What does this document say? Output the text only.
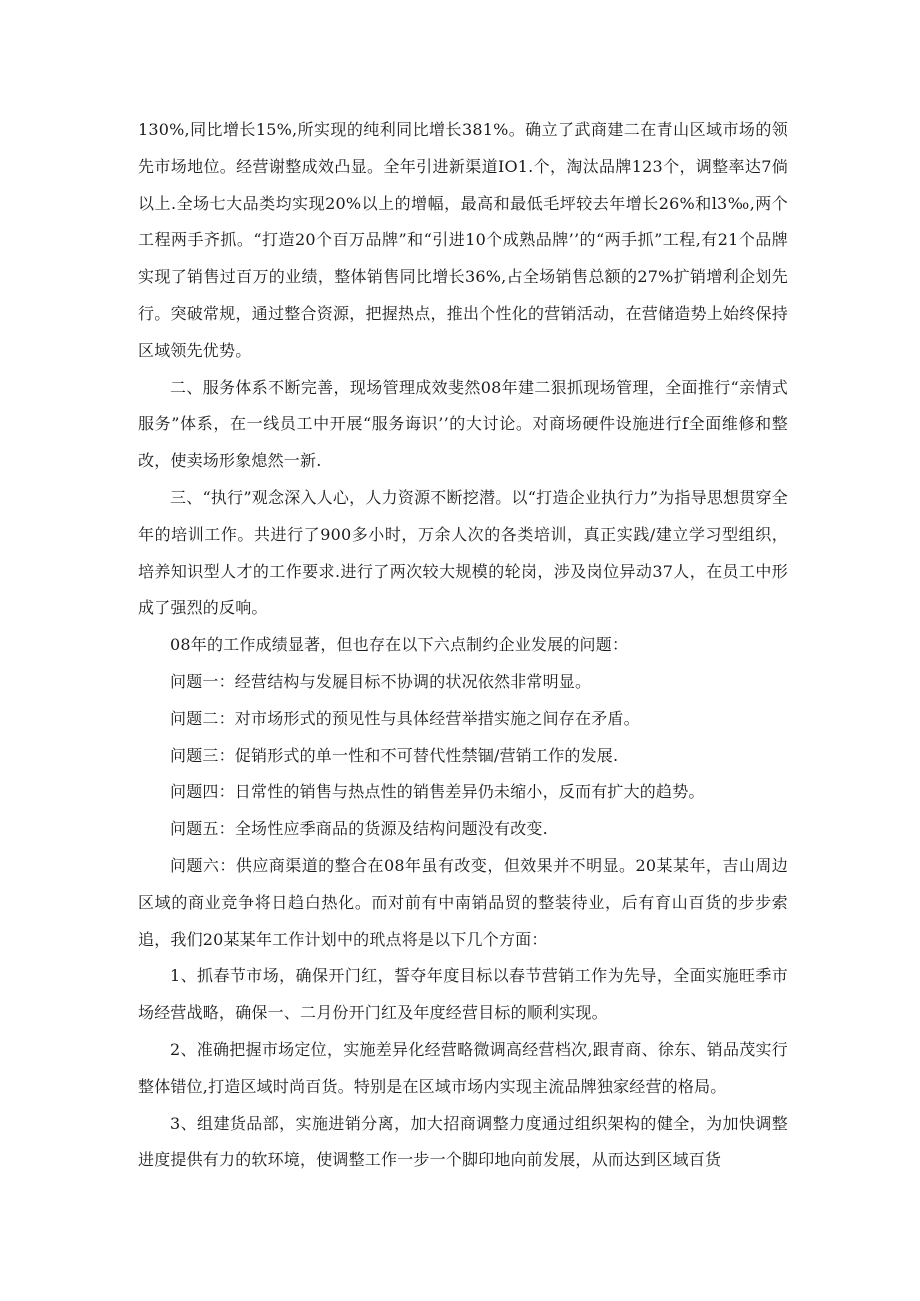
130%,同比增长15%,所实现的纯利同比增长381%。确立了武商建二在青山区域市场的领先市场地位。经营谢整成效凸显。全年引进新渠道IO1.个，淘汰品牌123个，调整率达7倘以上.全场七大品类均实现20%以上的增幅，最高和最低毛坪较去年增长26%和l3‰,两个工程两手齐抓。“打造20个百万品牌”和“引进10个成熟品牌’’的“两手抓”工程,有21个品牌实现了销售过百万的业绩，整体销售同比增长36%,占全场销售总额的27%扩销增利企划先行。突破常规，通过整合资源，把握热点，推出个性化的营销活动，在营储造势上始终保持区域领先优势。

二、服务体系不断完善，现场管理成效斐然08年建二狠抓现场管理，全面推行“亲情式服务”体系，在一线员工中开展“服务诲识’’的大讨论。对商场硬件设施进行f全面维修和整改，使卖场形象熄然一新.

三、“执行”观念深入人心，人力资源不断挖潜。以“打造企业执行力”为指导思想贯穿全年的培训工作。共进行了900多小时，万余人次的各类培训，真正实践/建立学习型组织，培养知识型人才的工作要求.进行了两次较大规模的轮岗，涉及岗位异动37人，在员工中形成了强烈的反响。

08年的工作成绩显著，但也存在以下六点制约企业发展的问题：

问题一：经营结构与发屣目标不协调的状况依然非常明显。

问题二：对市场形式的预见性与具体经营举措实施之间存在矛盾。

问题三：促销形式的单一性和不可替代性禁锢/营销工作的发展.

问题四：日常性的销售与热点性的销售差异仍未缩小，反而有扩大的趋势。

问题五：全场性应季商品的货源及结构问题没有改变.

问题六：供应商渠道的整合在08年虽有改变，但效果并不明显。20某某年，吉山周边区域的商业竞争将日趋白热化。而对前有中南销品贸的整装待业，后有育山百货的步步索追，我们20某某年工作计划中的玳点将是以下几个方面：

1、抓春节市场，确保开门红，誓夺年度目标以春节营销工作为先导，全面实施旺季市场经营战略，确保一、二月份开门红及年度经营目标的顺利实现。

2、准确把握市场定位，实施差异化经营略微调高经营档次,跟青商、徐东、销品茂实行整体错位,打造区域时尚百货。特别是在区域市场内实现主流品牌独家经营的格局。

3、组建货品部，实施进销分离，加大招商调整力度通过组织架构的健全，为加快调整进度提供有力的软环境，使调整工作一步一个脚印地向前发展，从而达到区域百货
